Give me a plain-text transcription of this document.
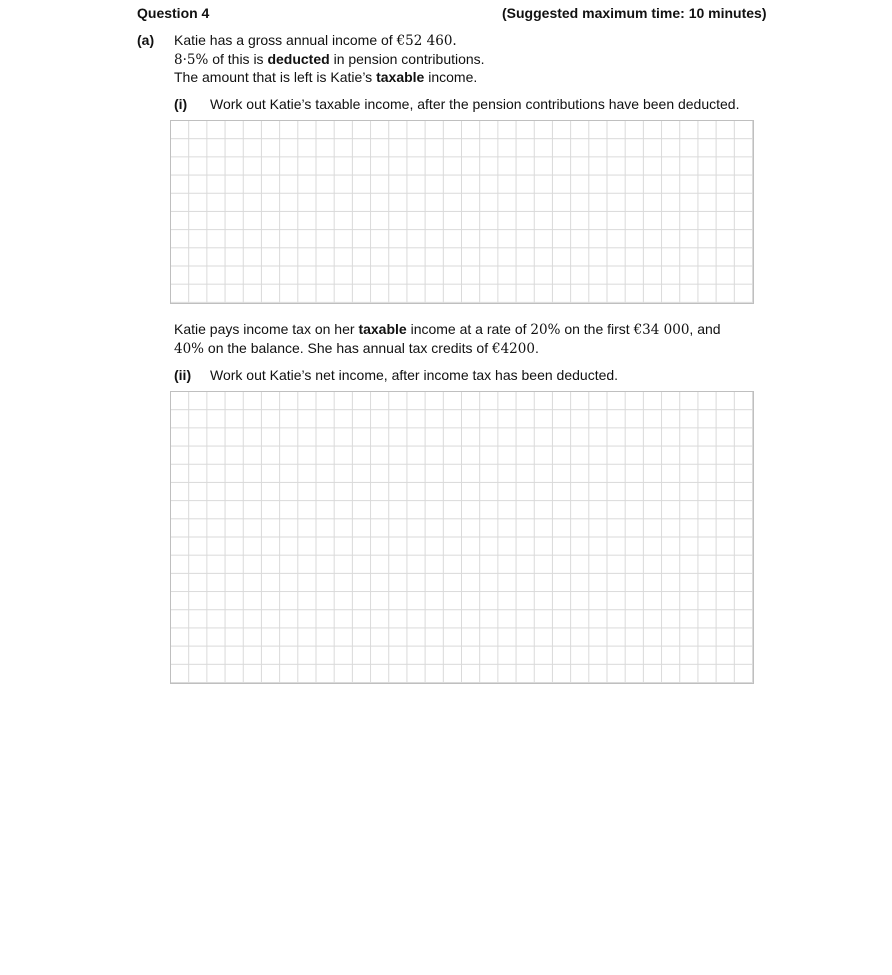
Question 4	(Suggested maximum time: 10 minutes)
(a) Katie has a gross annual income of €52 460.
8·5% of this is deducted in pension contributions.
The amount that is left is Katie’s taxable income.
(i) Work out Katie’s taxable income, after the pension contributions have been deducted.
Katie pays income tax on her taxable income at a rate of 20% on the first €34 000, and
40% on the balance. She has annual tax credits of €4200.
(ii) Work out Katie’s net income, after income tax has been deducted.
